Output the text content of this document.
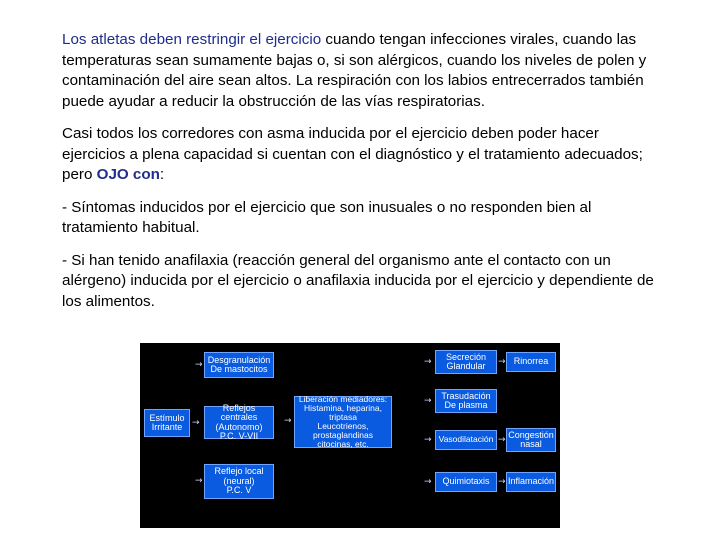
Los atletas deben restringir el ejercicio cuando tengan infecciones virales, cuando las temperaturas sean sumamente bajas o, si son alérgicos, cuando los niveles de polen y contaminación del aire sean altos. La respiración con los labios entrecerrados también puede ayudar a reducir la obstrucción de las vías respiratorias.

Casi todos los corredores con asma inducida por el ejercicio deben poder hacer ejercicios a plena capacidad si cuentan con el diagnóstico y el tratamiento adecuados; pero OJO con:

- Síntomas inducidos por el ejercicio que son inusuales o no responden bien al tratamiento habitual.

- Si han tenido anafilaxia (reacción general del organismo ante el contacto con un alérgeno) inducida por el ejercicio o anafilaxia inducida por el ejercicio y dependiente de los alimentos.

Estímulo
Irritante
Desgranulación
De mastocitos
Reflejos centrales
(Autonomo)
P.C. V-VII
Reflejo local
(neural)
P.C. V
Liberación mediadores:
Histamina, heparina, triptasa
Leucotrienos,
prostaglandinas
citocinas, etc.
Secreción
Glandular
Trasudación
De plasma
Vasodilatación
Quimiotaxis
Rinorrea
Congestión
nasal
Inflamación
→
→
→
→
→
→
→
→
→
→
→
